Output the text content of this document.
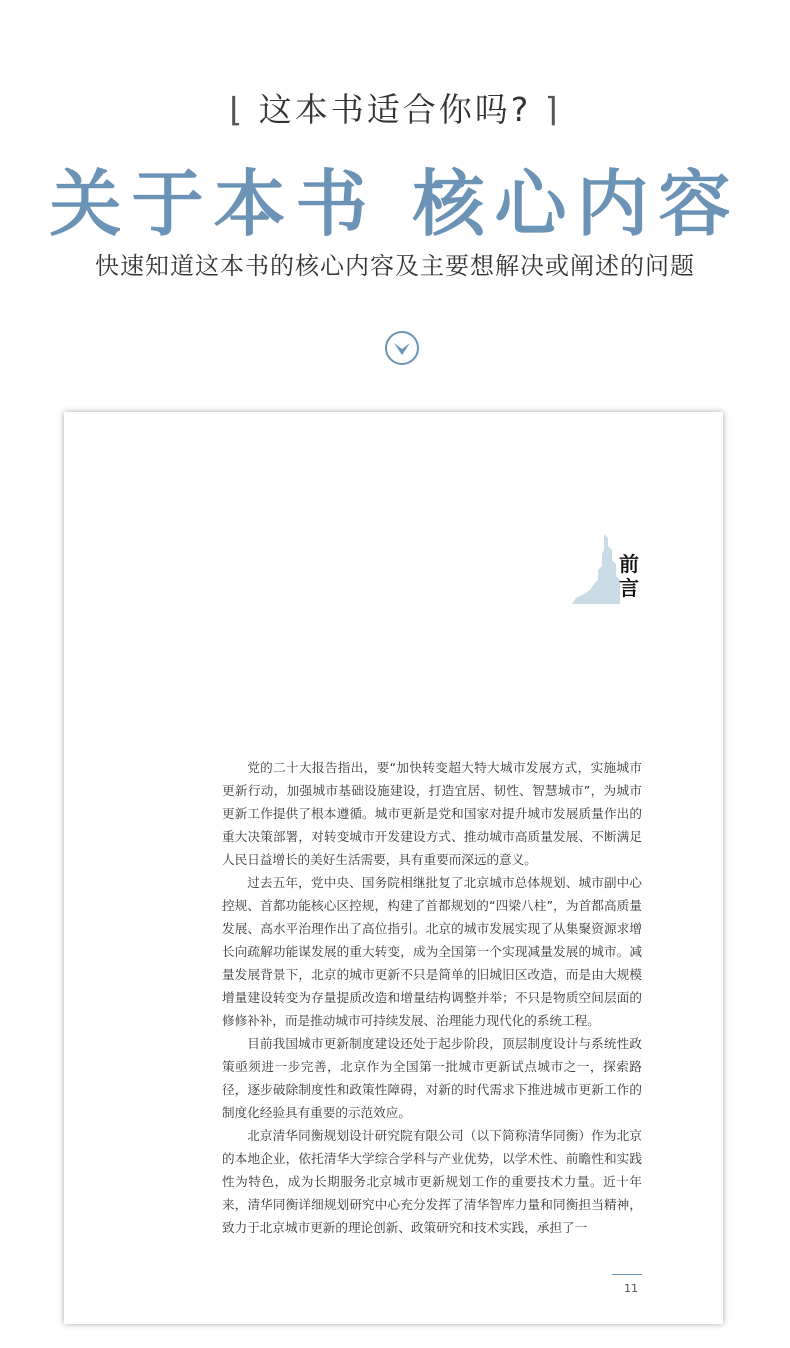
⌊ 这本书适合你吗? ⌉
关于本书 核心内容
快速知道这本书的核心内容及主要想解决或阐述的问题
前言

党的二十大报告指出，要“加快转变超大特大城市发展方式，实施城市更新行动，加强城市基础设施建设，打造宜居、韧性、智慧城市”，为城市更新工作提供了根本遵循。城市更新是党和国家对提升城市发展质量作出的重大决策部署，对转变城市开发建设方式、推动城市高质量发展、不断满足人民日益增长的美好生活需要，具有重要而深远的意义。

过去五年，党中央、国务院相继批复了北京城市总体规划、城市副中心控规、首都功能核心区控规，构建了首都规划的“四梁八柱”，为首都高质量发展、高水平治理作出了高位指引。北京的城市发展实现了从集聚资源求增长向疏解功能谋发展的重大转变，成为全国第一个实现减量发展的城市。减量发展背景下，北京的城市更新不只是简单的旧城旧区改造，而是由大规模增量建设转变为存量提质改造和增量结构调整并举；不只是物质空间层面的修修补补，而是推动城市可持续发展、治理能力现代化的系统工程。

目前我国城市更新制度建设还处于起步阶段，顶层制度设计与系统性政策亟须进一步完善，北京作为全国第一批城市更新试点城市之一，探索路径，逐步破除制度性和政策性障碍，对新的时代需求下推进城市更新工作的制度化经验具有重要的示范效应。

北京清华同衡规划设计研究院有限公司（以下简称清华同衡）作为北京的本地企业，依托清华大学综合学科与产业优势，以学术性、前瞻性和实践性为特色，成为长期服务北京城市更新规划工作的重要技术力量。近十年来，清华同衡详细规划研究中心充分发挥了清华智库力量和同衡担当精神，致力于北京城市更新的理论创新、政策研究和技术实践，承担了一

11
